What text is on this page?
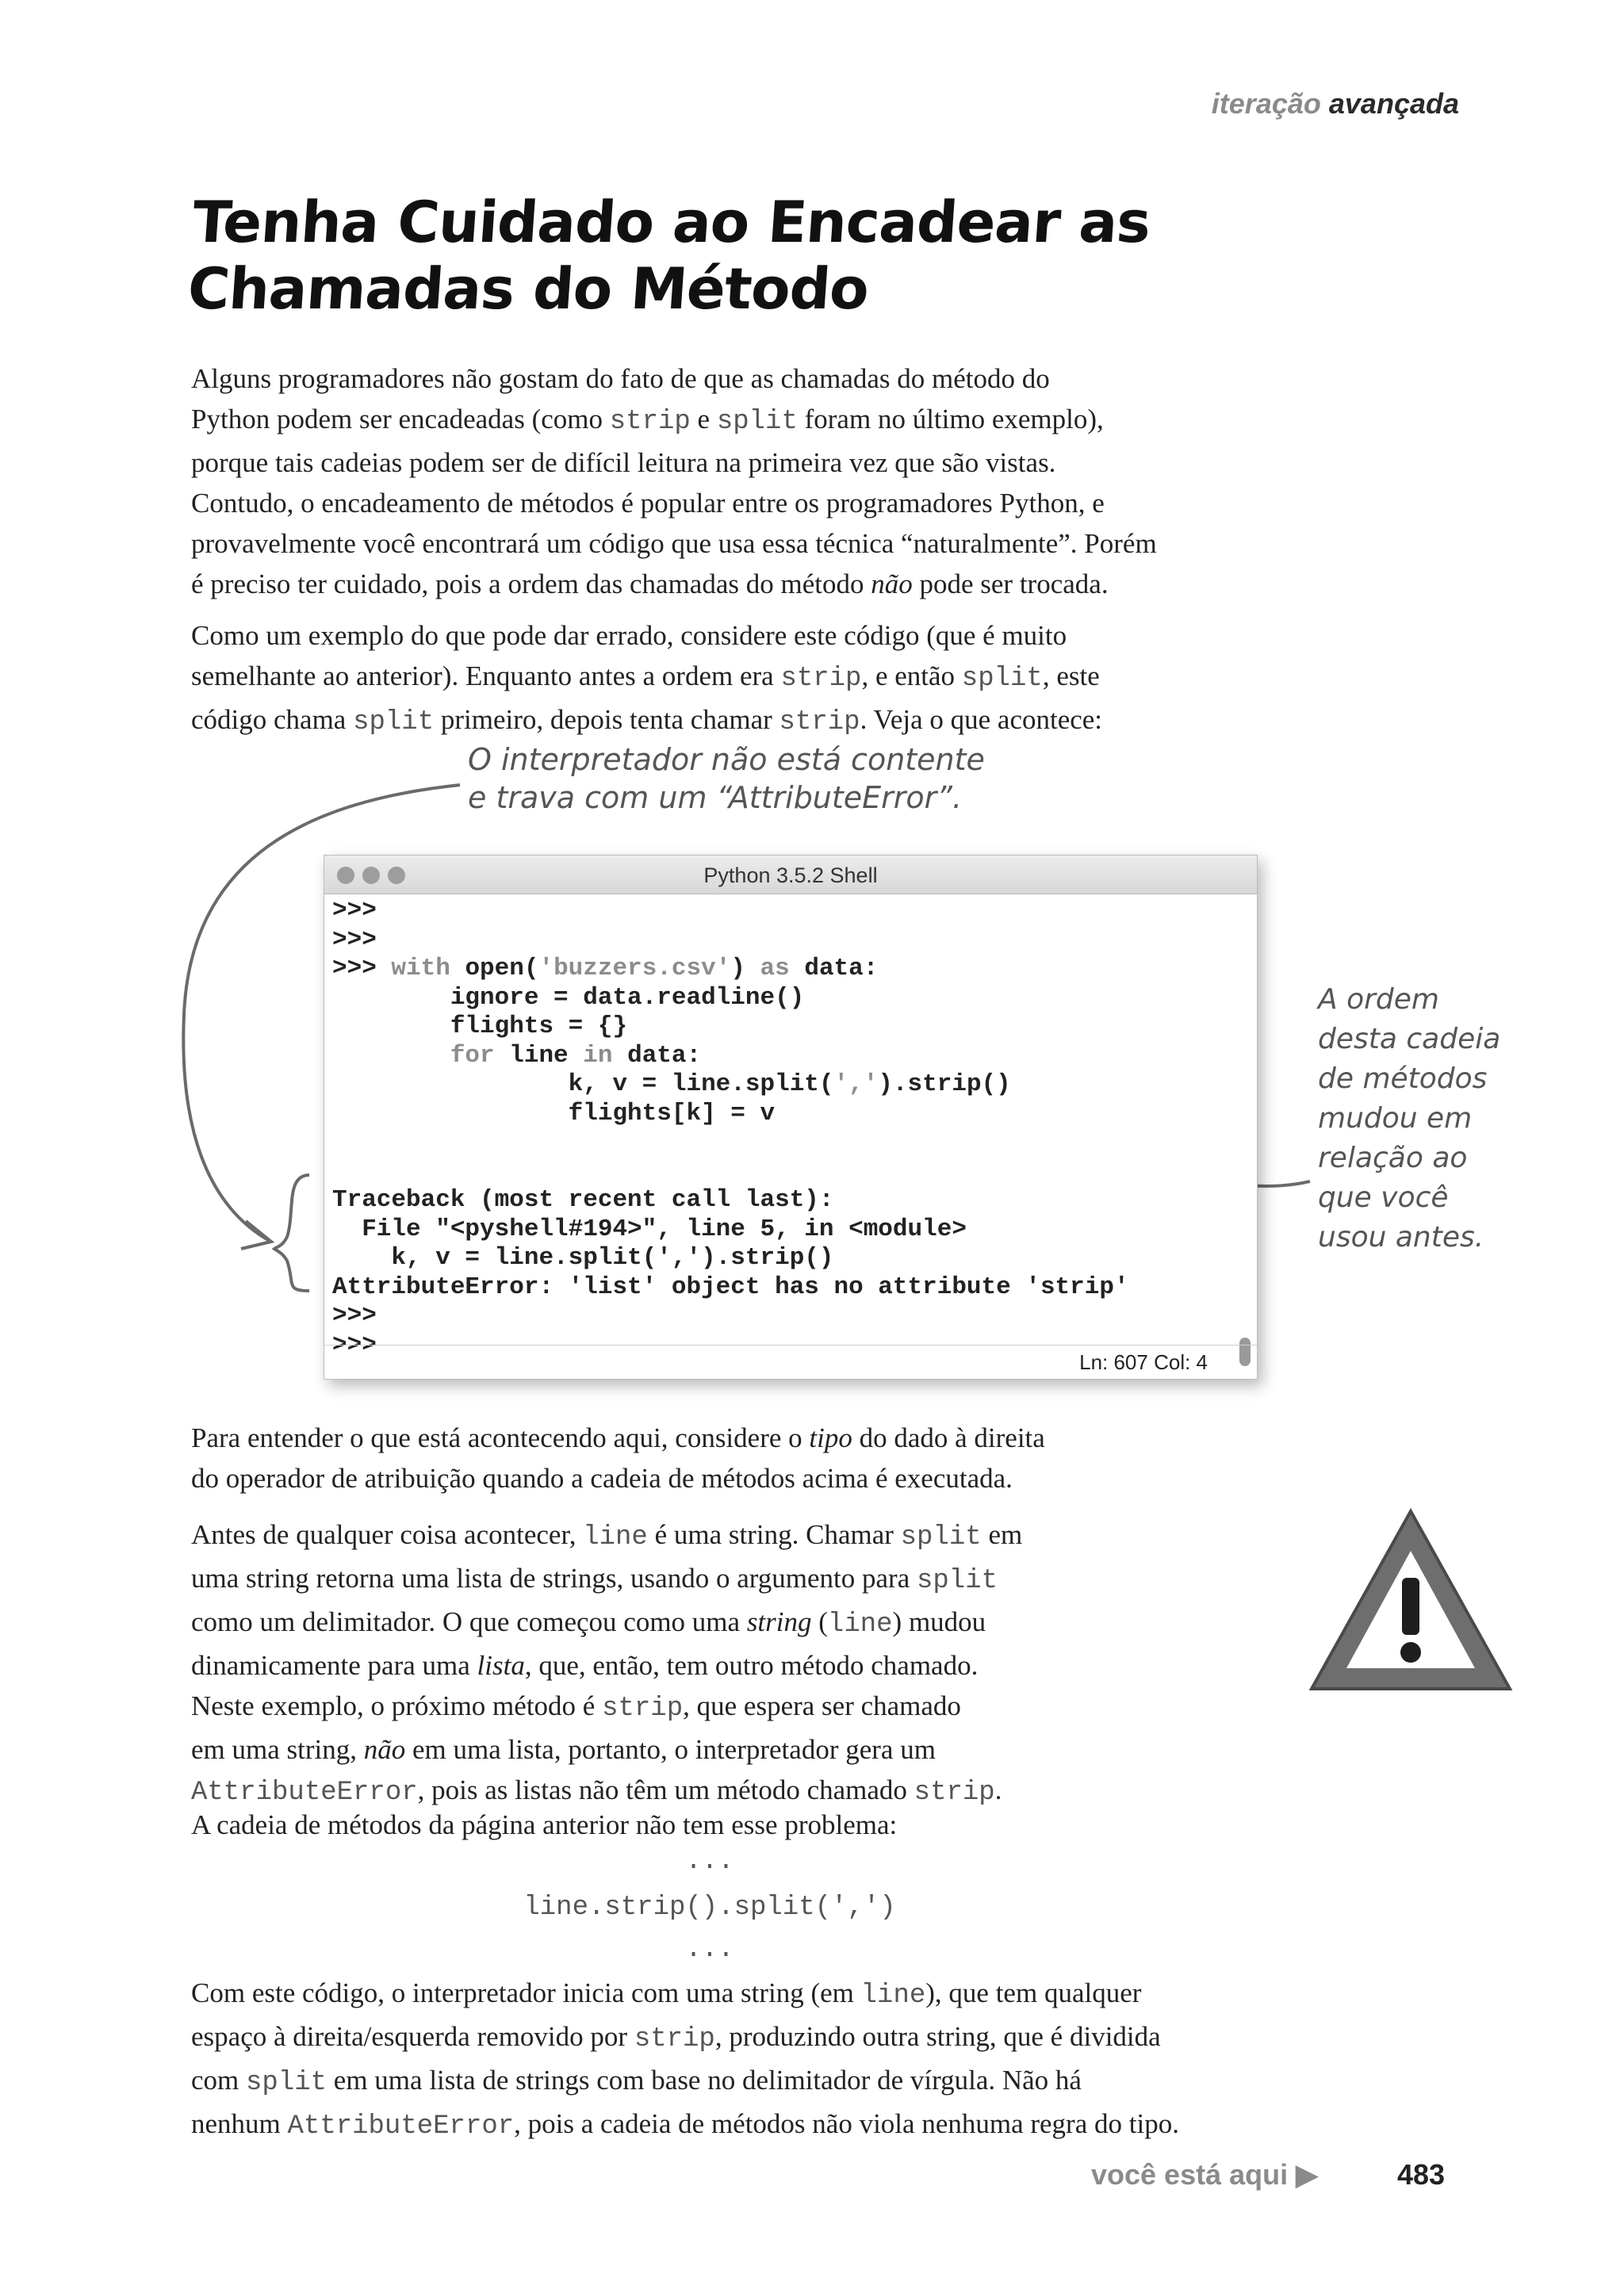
iteração avançada
Tenha Cuidado ao Encadear as
Chamadas do Método
Alguns programadores não gostam do fato de que as chamadas do método do
Python podem ser encadeadas (como strip e split foram no último exemplo),
porque tais cadeias podem ser de difícil leitura na primeira vez que são vistas.
Contudo, o encadeamento de métodos é popular entre os programadores Python, e
provavelmente você encontrará um código que usa essa técnica “naturalmente”. Porém
é preciso ter cuidado, pois a ordem das chamadas do método não pode ser trocada.
Como um exemplo do que pode dar errado, considere este código (que é muito
semelhante ao anterior). Enquanto antes a ordem era strip, e então split, este
código chama split primeiro, depois tenta chamar strip. Veja o que acontece:
O interpretador não está contente
e trava com um “AttributeError”.
Python 3.5.2 Shell
>>>
>>>
>>> with open('buzzers.csv') as data:
ignore = data.readline()
flights = {}
for line in data:
k, v = line.split(',').strip()
flights[k] = v
Traceback (most recent call last):
File "<pyshell#194>", line 5, in <module>
k, v = line.split(',').strip()
AttributeError: 'list' object has no attribute 'strip'
>>>
>>>
Ln: 607 Col: 4
A ordem
desta cadeia
de métodos
mudou em
relação ao
que você
usou antes.
Para entender o que está acontecendo aqui, considere o tipo do dado à direita
do operador de atribuição quando a cadeia de métodos acima é executada.
Antes de qualquer coisa acontecer, line é uma string. Chamar split em
uma string retorna uma lista de strings, usando o argumento para split
como um delimitador. O que começou como uma string (line) mudou
dinamicamente para uma lista, que, então, tem outro método chamado.
Neste exemplo, o próximo método é strip, que espera ser chamado
em uma string, não em uma lista, portanto, o interpretador gera um
AttributeError, pois as listas não têm um método chamado strip.
A cadeia de métodos da página anterior não tem esse problema:
...
line.strip().split(',')
...
Com este código, o interpretador inicia com uma string (em line), que tem qualquer
espaço à direita/esquerda removido por strip, produzindo outra string, que é dividida
com split em uma lista de strings com base no delimitador de vírgula. Não há
nenhum AttributeError, pois a cadeia de métodos não viola nenhuma regra do tipo.
você está aqui ▶	483
